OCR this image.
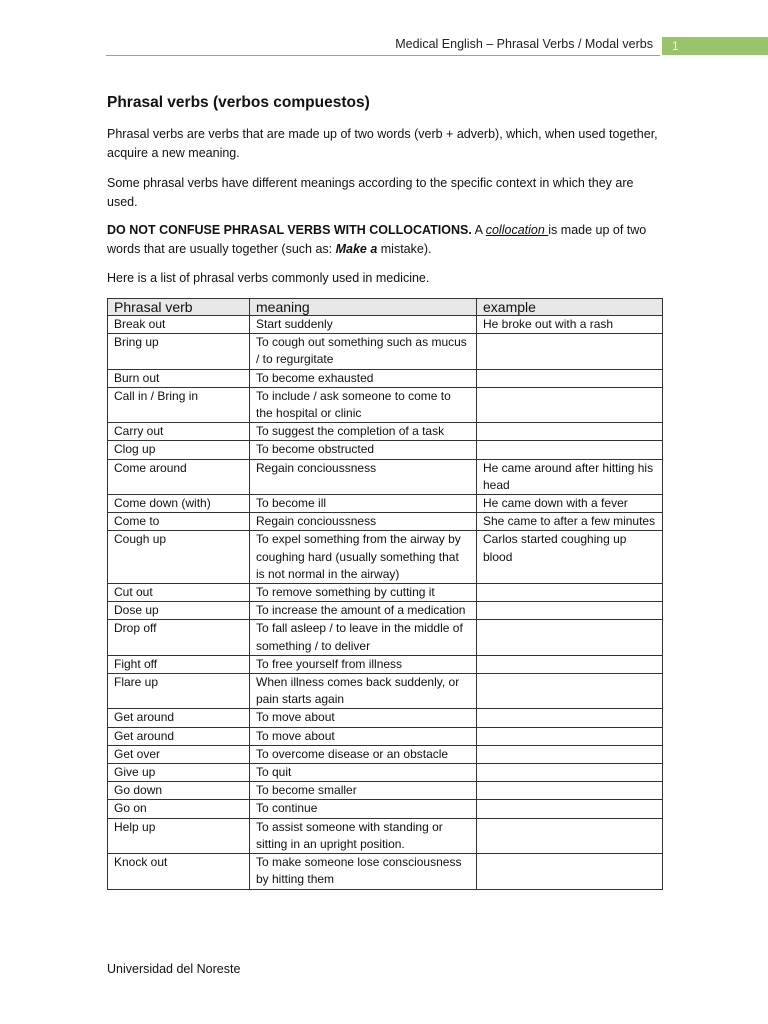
Medical English – Phrasal Verbs / Modal verbs	1
Phrasal verbs (verbos compuestos)
Phrasal verbs are verbs that are made up of two words (verb + adverb), which, when used together, acquire a new meaning.
Some phrasal verbs have different meanings according to the specific context in which they are used.
DO NOT CONFUSE PHRASAL VERBS WITH COLLOCATIONS. A collocation is made up of two words that are usually together (such as: Make a mistake).
Here is a list of phrasal verbs commonly used in medicine.
Phrasal verb	meaning	example
Break out	Start suddenly	He broke out with a rash
Bring up	To cough out something such as mucus / to regurgitate	
Burn out	To become exhausted	
Call in / Bring in	To include / ask someone to come to the hospital or clinic	
Carry out	To suggest the completion of a task	
Clog up	To become obstructed	
Come around	Regain concioussness	He came around after hitting his head
Come down (with)	To become ill	He came down with a fever
Come to	Regain concioussness	She came to after a few minutes
Cough up	To expel something from the airway by coughing hard (usually something that is not normal in the airway)	Carlos started coughing up blood
Cut out	To remove something by cutting it	
Dose up	To increase the amount of a medication	
Drop off	To fall asleep / to leave in the middle of something / to deliver	
Fight off	To free yourself from illness	
Flare up	When illness comes back suddenly, or pain starts again	
Get around	To move about	
Get around	To move about	
Get over	To overcome disease or an obstacle	
Give up	To quit	
Go down	To become smaller	
Go on	To continue	
Help up	To assist someone with standing or sitting in an upright position.	
Knock out	To make someone lose consciousness by hitting them	
Universidad del Noreste
